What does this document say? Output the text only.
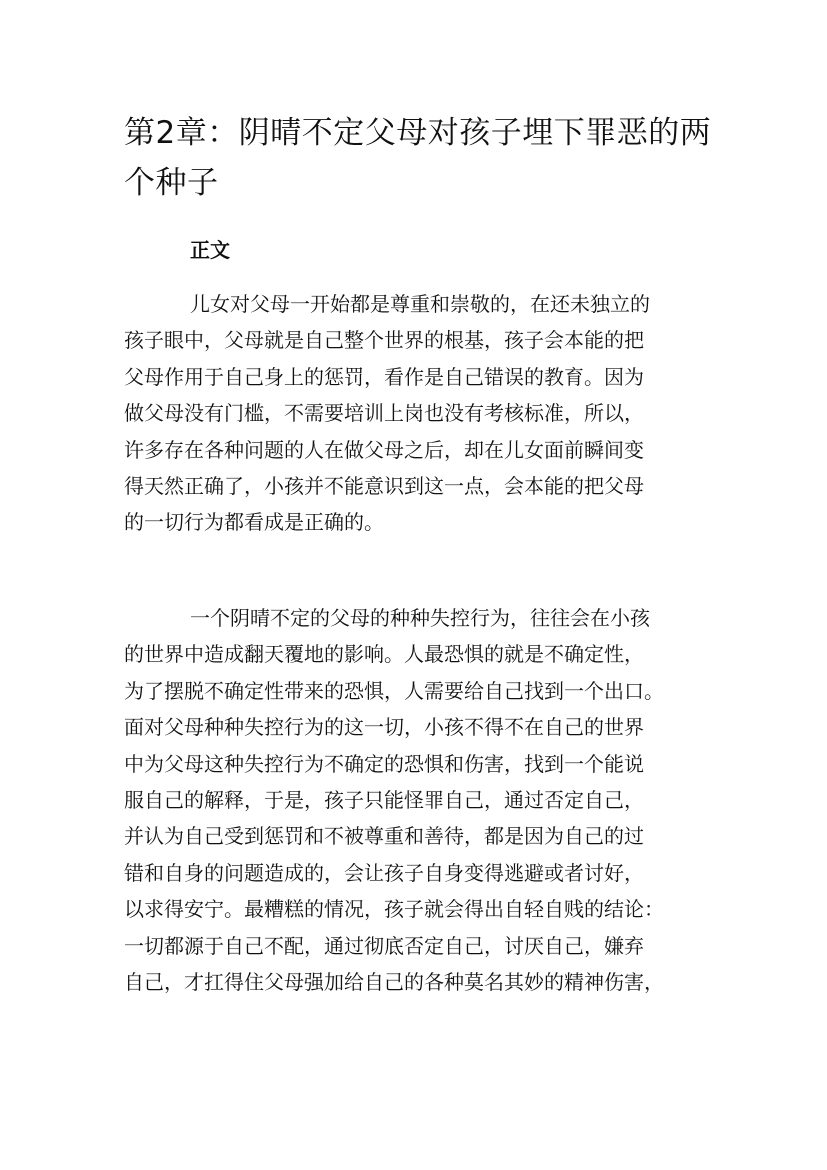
第2章：阴晴不定父母对孩子埋下罪恶的两
个种子
正文
儿女对父母一开始都是尊重和崇敬的，在还未独立的
孩子眼中，父母就是自己整个世界的根基，孩子会本能的把
父母作用于自己身上的惩罚，看作是自己错误的教育。因为
做父母没有门槛，不需要培训上岗也没有考核标准，所以，
许多存在各种问题的人在做父母之后，却在儿女面前瞬间变
得天然正确了，小孩并不能意识到这一点，会本能的把父母
的一切行为都看成是正确的。
一个阴晴不定的父母的种种失控行为，往往会在小孩
的世界中造成翻天覆地的影响。人最恐惧的就是不确定性，
为了摆脱不确定性带来的恐惧，人需要给自己找到一个出口。
面对父母种种失控行为的这一切，小孩不得不在自己的世界
中为父母这种失控行为不确定的恐惧和伤害，找到一个能说
服自己的解释，于是，孩子只能怪罪自己，通过否定自己，
并认为自己受到惩罚和不被尊重和善待，都是因为自己的过
错和自身的问题造成的，会让孩子自身变得逃避或者讨好，
以求得安宁。最糟糕的情况，孩子就会得出自轻自贱的结论：
一切都源于自己不配，通过彻底否定自己，讨厌自己，嫌弃
自己，才扛得住父母强加给自己的各种莫名其妙的精神伤害，
